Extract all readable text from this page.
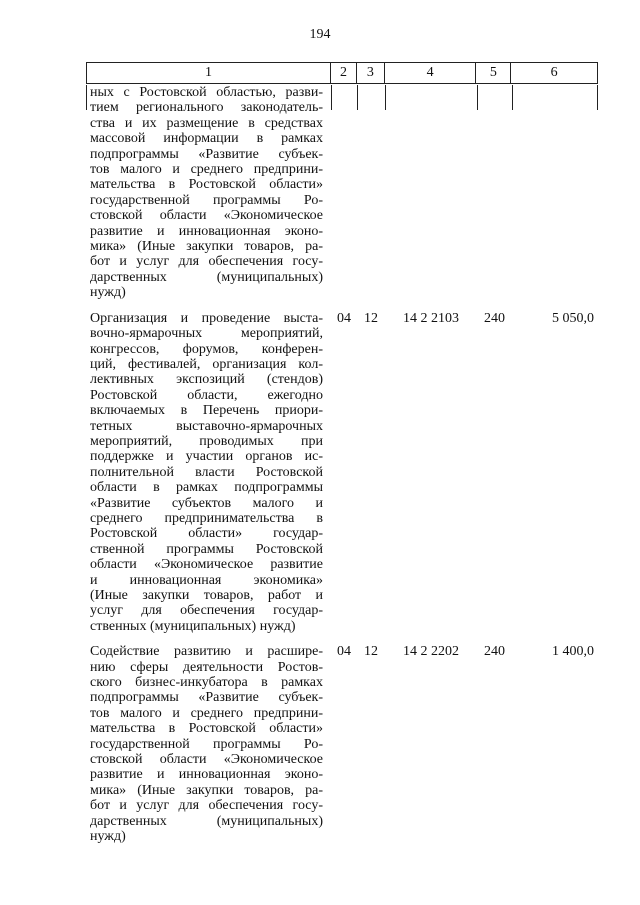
194
1	2	3	4	5	6
ных с Ростовской областью, разви-
тием регионального законодатель-
ства и их размещение в средствах
массовой информации в рамках
подпрограммы «Развитие субъек-
тов малого и среднего предприни-
мательства в Ростовской области»
государственной программы Ро-
стовской области «Экономическое
развитие и инновационная эконо-
мика» (Иные закупки товаров, ра-
бот и услуг для обеспечения госу-
дарственных (муниципальных)
нужд)
Организация и проведение выста-
вочно-ярмарочных мероприятий,
конгрессов, форумов, конферен-
ций, фестивалей, организация кол-
лективных экспозиций (стендов)
Ростовской области, ежегодно
включаемых в Перечень приори-
тетных выставочно-ярмарочных
мероприятий, проводимых при
поддержке и участии органов ис-
полнительной власти Ростовской
области в рамках подпрограммы
«Развитие субъектов малого и
среднего предпринимательства в
Ростовской области» государ-
ственной программы Ростовской
области «Экономическое развитие
и инновационная экономика»
(Иные закупки товаров, работ и
услуг для обеспечения государ-
ственных (муниципальных) нужд)
04 12	14 2 2103	240	5 050,0
Содействие развитию и расшире-
нию сферы деятельности Ростов-
ского бизнес-инкубатора в рамках
подпрограммы «Развитие субъек-
тов малого и среднего предприни-
мательства в Ростовской области»
государственной программы Ро-
стовской области «Экономическое
развитие и инновационная эконо-
мика» (Иные закупки товаров, ра-
бот и услуг для обеспечения госу-
дарственных (муниципальных)
нужд)
04 12	14 2 2202	240	1 400,0
